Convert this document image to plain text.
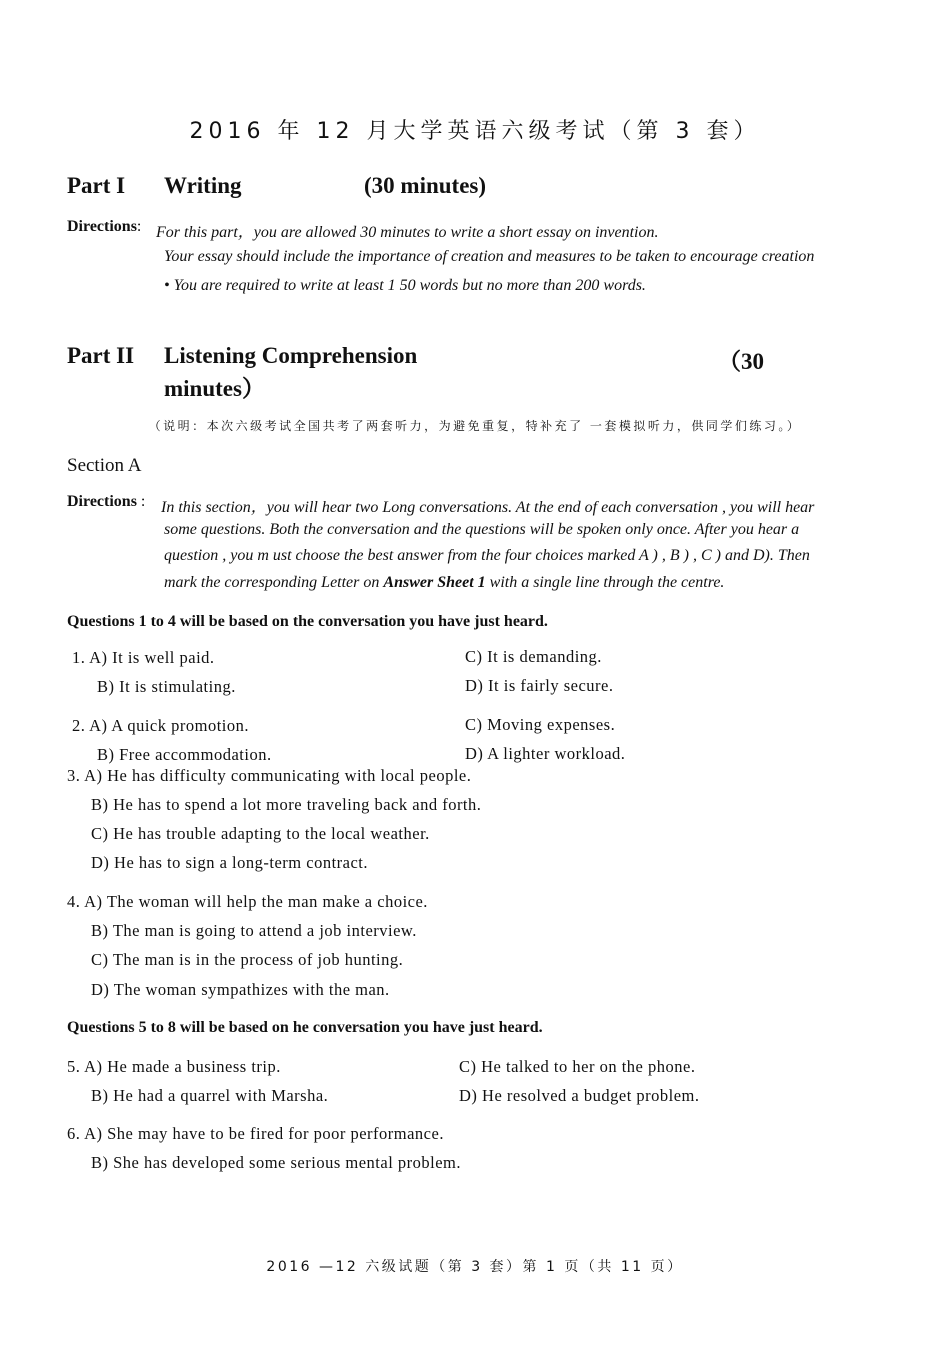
2016 年 12 月大学英语六级考试（第 3 套）
Part I Writing	(30 minutes)
Directions: For this part，you are allowed 30 minutes to write a short essay on invention.
Your essay should include the importance of creation and measures to be taken to encourage creation
• You are required to write at least 1 50 words but no more than 200 words.
Part II Listening Comprehension	（30
minutes）
（说明：本次六级考试全国共考了两套听力，为避免重复，特补充了 一套模拟听力，供同学们练习。）
Section A
Directions : In this section，you will hear two Long conversations. At the end of each conversation , you will hear
some questions. Both the conversation and the questions will be spoken only once. After you hear a
question , you m ust choose the best answer from the four choices marked A ) , B ) , C ) and D). Then
mark the corresponding Letter on Answer Sheet 1 with a single line through the centre.
Questions 1 to 4 will be based on the conversation you have just heard.
1. A) It is well paid.
B) It is stimulating.
C) It is demanding.
D) It is fairly secure.
2. A) A quick promotion.
B) Free accommodation.
C) Moving expenses.
D) A lighter workload.
3. A) He has difficulty communicating with local people.
B) He has to spend a lot more traveling back and forth.
C) He has trouble adapting to the local weather.
D) He has to sign a long-term contract.
4. A) The woman will help the man make a choice.
B) The man is going to attend a job interview.
C) The man is in the process of job hunting.
D) The woman sympathizes with the man.
Questions 5 to 8 will be based on he conversation you have just heard.
5. A) He made a business trip.
B) He had a quarrel with Marsha.
C) He talked to her on the phone.
D) He resolved a budget problem.
6. A) She may have to be fired for poor performance.
B) She has developed some serious mental problem.
2016 —12 六级试题（第 3 套）第 1 页（共 11 页）
